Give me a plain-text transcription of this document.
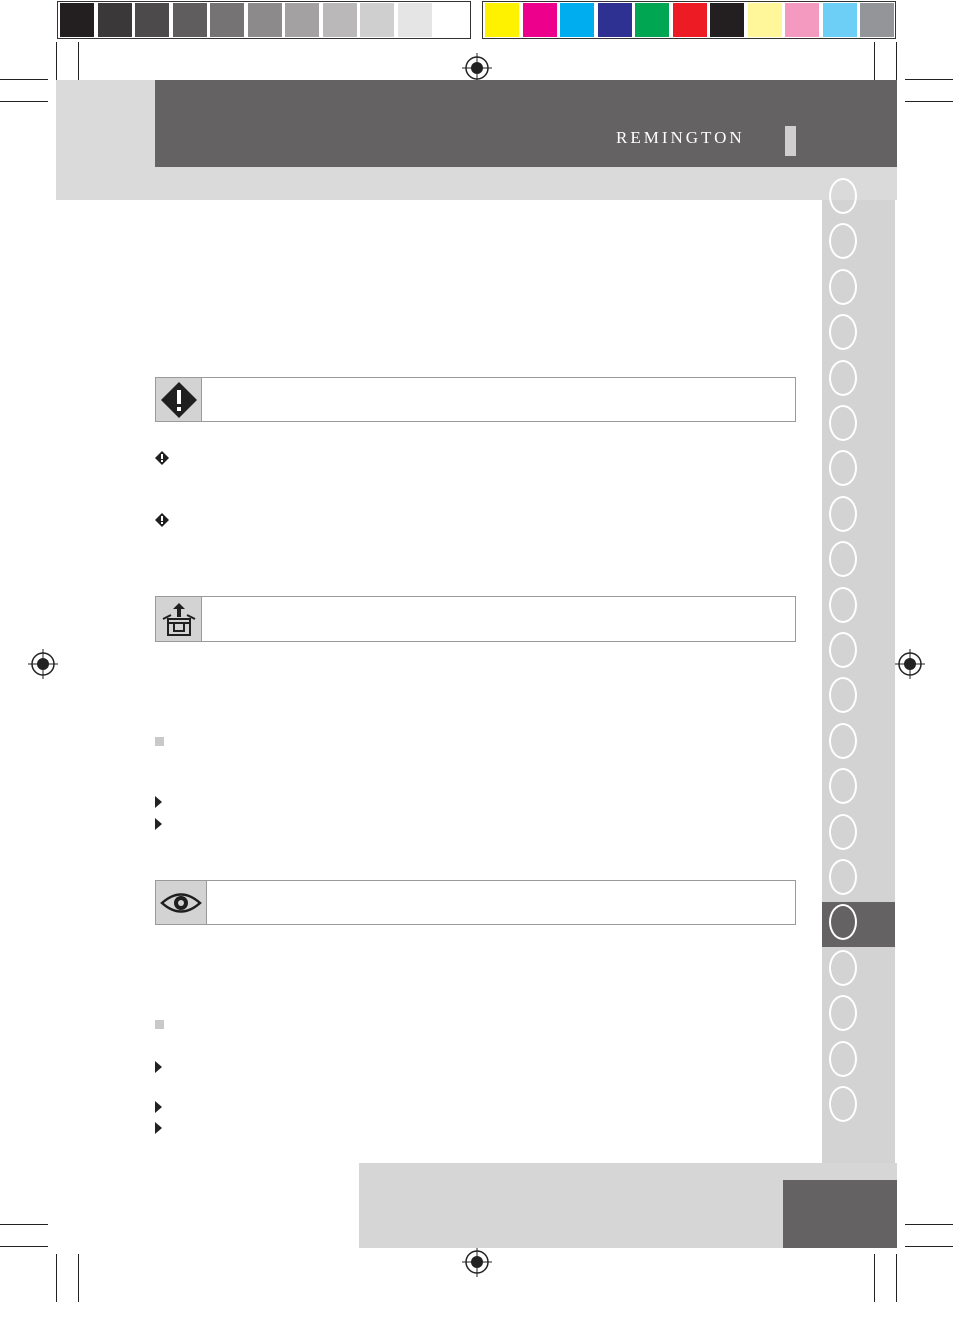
REMINGTON
